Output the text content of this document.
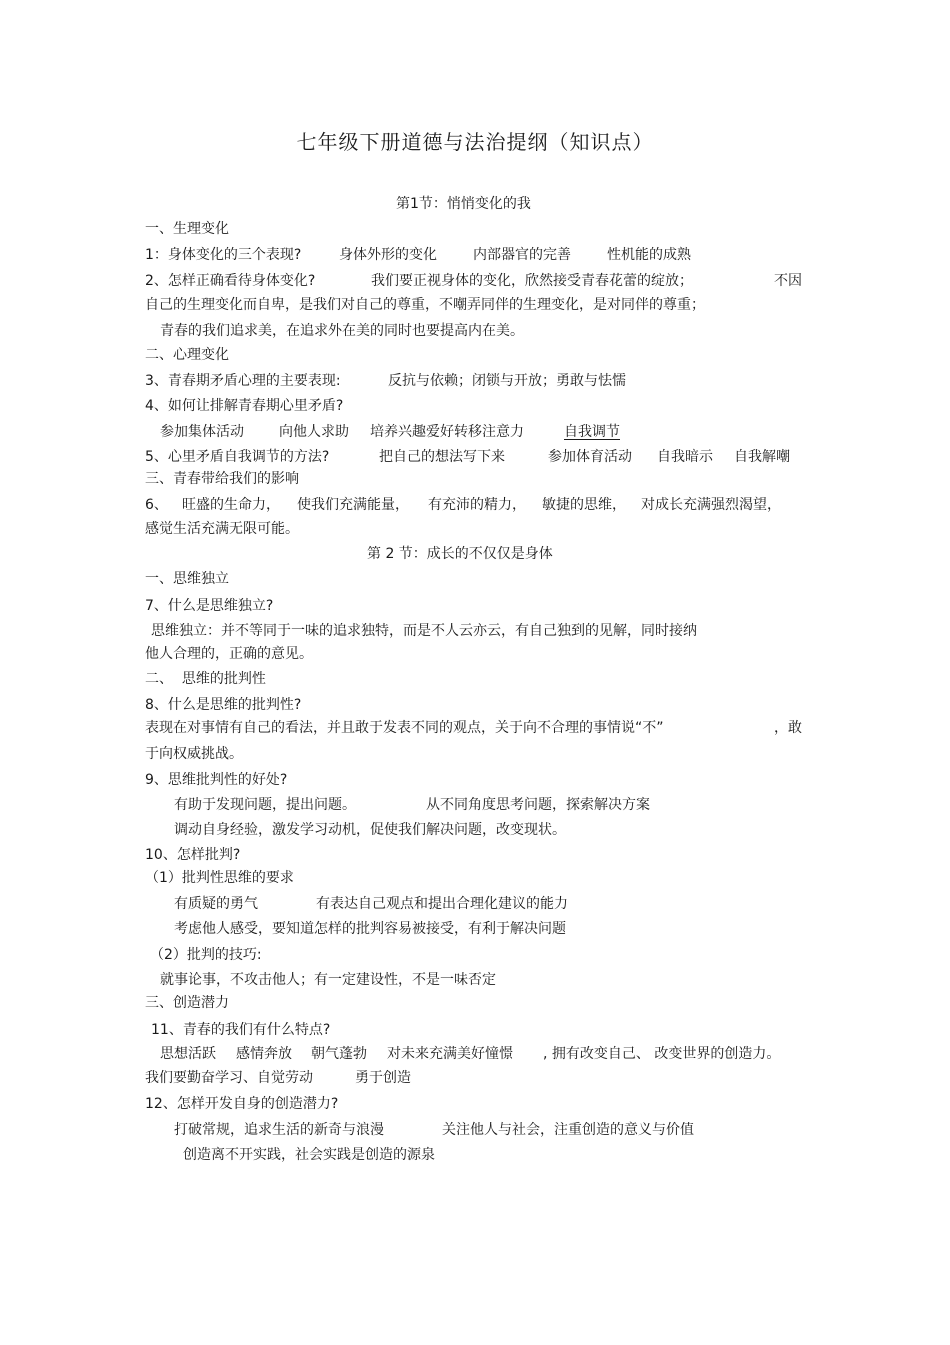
七年级下册道德与法治提纲（知识点）
第1节：悄悄变化的我
一、生理变化
1：身体变化的三个表现?	身体外形的变化	内部器官的完善	性机能的成熟
2、怎样正确看待身体变化?	我们要正视身体的变化，欣然接受青春花蕾的绽放；	不因
自己的生理变化而自卑，是我们对自己的尊重，不嘲弄同伴的生理变化，是对同伴的尊重；
青春的我们追求美，在追求外在美的同时也要提高内在美。
二、心理变化
3、青春期矛盾心理的主要表现:	反抗与依赖；闭锁与开放；勇敢与怯懦
4、如何让排解青春期心里矛盾?
参加集体活动	向他人求助 培养兴趣爱好转移注意力	自我调节
5、心里矛盾自我调节的方法?	把自己的想法写下来	参加体育活动 自我暗示 自我解嘲
三、青春带给我们的影响
6、 旺盛的生命力， 使我们充满能量， 有充沛的精力， 敏捷的思维， 对成长充满强烈渴望，
感觉生活充满无限可能。
第 2 节：成长的不仅仅是身体
一、思维独立
7、什么是思维独立?
思维独立：并不等同于一味的追求独特，而是不人云亦云，有自己独到的见解，同时接纳
他人合理的，正确的意见。
二、  思维的批判性
8、什么是思维的批判性?
表现在对事情有自己的看法，并且敢于发表不同的观点，关于向不合理的事情说“不”	，敢
于向权威挑战。
9、思维批判性的好处?
有助于发现问题，提出问题。	从不同角度思考问题，探索解决方案
调动自身经验，激发学习动机，促使我们解决问题，改变现状。
10、怎样批判?
（1）批判性思维的要求
有质疑的勇气	有表达自己观点和提出合理化建议的能力
考虑他人感受，要知道怎样的批判容易被接受，有利于解决问题
（2）批判的技巧:
就事论事，不攻击他人；有一定建设性，不是一味否定
三、创造潜力
11、青春的我们有什么特点?
思想活跃 感情奔放 朝气蓬勃 对未来充满美好憧憬 , 拥有改变自己、 改变世界的创造力。
我们要勤奋学习、自觉劳动	勇于创造
12、怎样开发自身的创造潜力?
打破常规，追求生活的新奇与浪漫	关注他人与社会，注重创造的意义与价值
创造离不开实践，社会实践是创造的源泉
